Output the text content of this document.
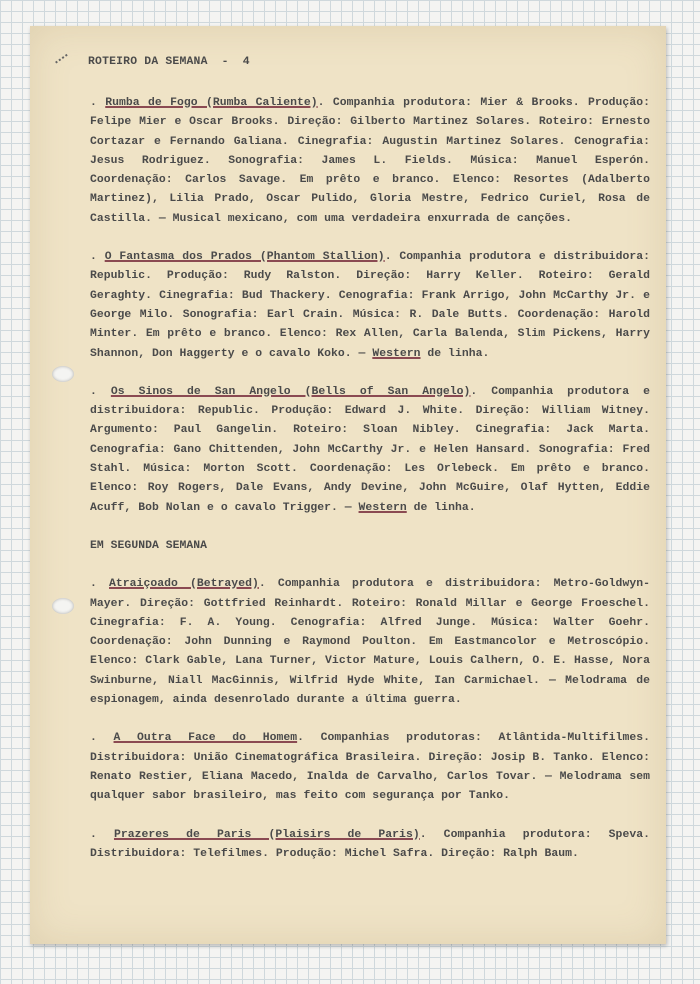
ROTEIRO DA SEMANA  -  4

. Rumba de Fogo (Rumba Caliente). Companhia produtora: Mier & Brooks. Produção: Felipe Mier e Oscar Brooks. Direção: Gilberto Martinez Solares. Roteiro: Ernesto Cortazar e Fernando Galiana. Cinegrafia: Augustin Martinez Solares. Cenografia: Jesus Rodriguez. Sonografia: James L. Fields. Música: Manuel Esperón. Coordenação: Carlos Savage. Em prêto e branco. Elenco: Resortes (Adalberto Martinez), Lilia Prado, Oscar Pulido, Gloria Mestre, Fedrico Curiel, Rosa de Castilla. — Musical mexicano, com uma verdadeira enxurrada de canções.

. O Fantasma dos Prados (Phantom Stallion). Companhia produtora e distribuidora: Republic. Produção: Rudy Ralston. Direção: Harry Keller. Roteiro: Gerald Geraghty. Cinegrafia: Bud Thackery. Cenografia: Frank Arrigo, John McCarthy Jr. e George Milo. Sonografia: Earl Crain. Música: R. Dale Butts. Coordenação: Harold Minter. Em prêto e branco. Elenco: Rex Allen, Carla Balenda, Slim Pickens, Harry Shannon, Don Haggerty e o cavalo Koko. — Western de linha.

. Os Sinos de San Angelo (Bells of San Angelo). Companhia produtora e distribuidora: Republic. Produção: Edward J. White. Direção: William Witney. Argumento: Paul Gangelin. Roteiro: Sloan Nibley. Cinegrafia: Jack Marta. Cenografia: Gano Chittenden, John McCarthy Jr. e Helen Hansard. Sonografia: Fred Stahl. Música: Morton Scott. Coordenação: Les Orlebeck. Em prêto e branco. Elenco: Roy Rogers, Dale Evans, Andy Devine, John McGuire, Olaf Hytten, Eddie Acuff, Bob Nolan e o cavalo Trigger. — Western de linha.

EM SEGUNDA SEMANA

. Atraiçoado (Betrayed). Companhia produtora e distribuidora: Metro-Goldwyn-Mayer. Direção: Gottfried Reinhardt. Roteiro: Ronald Millar e George Froeschel. Cinegrafia: F. A. Young. Cenografia: Alfred Junge. Música: Walter Goehr. Coordenação: John Dunning e Raymond Poulton. Em Eastmancolor e Metroscópio. Elenco: Clark Gable, Lana Turner, Victor Mature, Louis Calhern, O. E. Hasse, Nora Swinburne, Niall MacGinnis, Wilfrid Hyde White, Ian Carmichael. — Melodrama de espionagem, ainda desenrolado durante a última guerra.

. A Outra Face do Homem. Companhias produtoras: Atlântida-Multifilmes. Distribuidora: União Cinematográfica Brasileira. Direção: Josip B. Tanko. Elenco: Renato Restier, Eliana Macedo, Inalda de Carvalho, Carlos Tovar. — Melodrama sem qualquer sabor brasileiro, mas feito com segurança por Tanko.

. Prazeres de Paris (Plaisirs de Paris). Companhia produtora: Speva. Distribuidora: Telefilmes. Produção: Michel Safra. Direção: Ralph Baum.
